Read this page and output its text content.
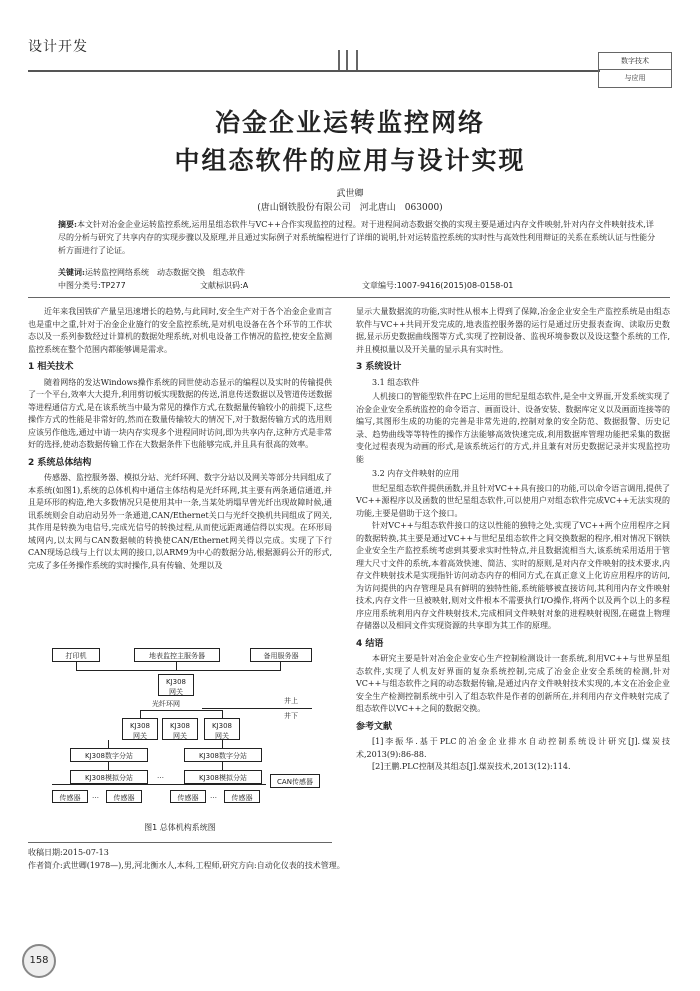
设计开发
数字技术
与应用
冶金企业运转监控网络
中组态软件的应用与设计实现
武世卿
(唐山钢铁股份有限公司　河北唐山　063000)
摘要:本文针对冶金企业运转监控系统,运用星组态软件与VC++合作实现监控的过程。对于进程间动态数据交换的实现主要是通过内存文件映射,针对内存文件映射技术,详尽的分析与研究了共享内存的实现步骤以及原理,并且通过实际例子对系统编程进行了详细的说明,针对运转监控系统的实时性与高效性利用辩证的关系在系统认证与性能分析方面进行了论证。
关键词:运转监控网络系统　动态数据交换　组态软件
中图分类号:TP277	文献标识码:A	文章编号:1007-9416(2015)08-0158-01

近年来我国铁矿产量呈迅速增长的趋势,与此同时,安全生产对于各个冶金企业而言也是重中之重,针对于冶金企业施行的安全监控系统,是对机电设备在各个环节的工作状态以及一系列参数经过计算机的数据处理系统,对机电设备工作情况的监控,使安全监测监控系统在整个范围内都能够调是需求。

1 相关技术

随着网络的发达Windows操作系统的同世使动态显示的编程以及实时的传输提供了一个平台,效率大大提升,利用剪切板实现数据的传送,消息传送数据以及管道传送数据等进程通信方式,是在该系统当中最为常见的操作方式,在数据量传输较小的前提下,这些操作方式的性能是非常好的,然而在数量传输较大的情况下,对于数据传输方式的选用则应该另作他选,通过中请一块内存实现多个进程同时访问,即为共享内存,这种方式是非常好的选择,使动态数据传输工作在大数据条件下也能够完成,并且具有很高的效率。

2 系统总体结构

传感器、监控服务器、模拟分站、光纤环网、数字分站以及网关等部分共同组成了本系统(如图1),系统的总体机构中通信主体结构是光纤环网,其主要有两条通信通道,并且是环形的构造,绝大多数情况只是使用其中一条,当某处坍塌早曾光纤出现故障时候,通讯系统则会自动启动另外一条通道,CAN/Ethernet关口与光纤交换机共同组成了网关,其作用是转换为电信号,完成光信号的转换过程,从而使远距离通信得以实现。在环形局域网内,以太网与CAN数据帧的转换使CAN/Ethernet网关得以完成。实现了下行CAN现场总线与上行以太网的接口,以ARM9为中心的数据分站,根据源码公开的形式,完成了多任务操作系统的实时操作,具有传输、处理以及

打印机	地表监控主服务器	备用服务器
KJ308
网关
光纤环网	井上
井下
KJ308
网关
KJ308
网关
KJ308
网关
KJ308数字分站	KJ308数字分站
KJ308模拟分站	…	KJ308模拟分站	CAN传感器
传感器	…	传感器	传感器	…	传感器
图1 总体机构系统图

显示大量数据流的功能,实时性从根本上得到了保障,冶金企业安全生产监控系统是由组态软件与VC++共同开发完成的,地表监控服务器的运行是通过历史报表查询、读取历史数据,显示历史数据曲线图等方式,实现了控制设备、监视环境参数以及设这整个系统的工作,并且模拟量以及开关量的显示具有实时性。

3 系统设计
3.1 组态软件

人机接口的智能型软件在PC上运用的世纪星组态软件,是全中文界面,开发系统实现了冶金企业安全系统监控的命令语言、画面设计、设备安装、数据库定义以及画面连接等的编写,其图形生成的功能的完善是非常先进的,控制对象的安全防范、数据报警、历史记录、趋势曲线等等特性的操作方法能够高效快速完成,利用数据库管理功能把采集的数据变化过程表现为动画的形式,是该系统运行的方式,并且兼有对历史数据记录并实现监控功能

3.2 内存文件映射的应用

世纪星组态软件提供函数,并且针对VC++具有接口的功能,可以命令语言调用,提供了VC++源程序以及函数的世纪星组态软件,可以使用户对组态软件完成VC++无法实现的功能,主要是借助于这个接口。

针对VC++与组态软件接口的这以性能的独特之处,实现了VC++两个应用程序之间的数据转换,其主要是通过VC++与世纪星组态软件之间交换数据的程序,相对情况下钢铁企业安全生产监控系统考虑到其要求实时性特点,并且数据流相当大,该系统采用适用于管理大尺寸文件的系统,本着高效快速、简洁、实时的原则,是对内存文件映射的技术要求,内存文件映射技术是实现指针访问动态内存的相同方式,在真正意义上化访应用程序的访问,为访问提供的内存管理是具有鲜明的独特性能,系统能够被直接访问,其利用内存文件映射技术,内存文件一旦被映射,则对文件根本不需要执行I/O操作,将两个以及两个以上的多程序应用系统利用内存文件映射技术,完成相同文件映射对象的进程映射视图,在磁盘上物理存储器以及相同文件实现资源的共享即为其工作的原理。

4 结语

本研究主要是针对冶金企业安心生产控制检测设计一套系统,利用VC++与世界星组态软件,实现了人机友好界面的复杂系统控制,完成了冶金企业安全系统的检测,针对VC++与组态软件之间的动态数据传输,是通过内存文件映射技术实现的,本文在冶金企业安全生产检测控制系统中引入了组态软件是作者的创新所在,并利用内存文件映射完成了组态软件以VC++之间的数据交换。

参考文献

[1]李振华.基于PLC的冶金企业排水自动控制系统设计研究[J].煤炭技术,2013(9):86-88.

[2]王鹏.PLC控制及其组态[J].煤炭技术,2013(12):114.

收稿日期:2015-07-13
作者简介:武世卿(1978—),男,河北衡水人,本科,工程师,研究方向:自动化仪表的技术管理。
158
